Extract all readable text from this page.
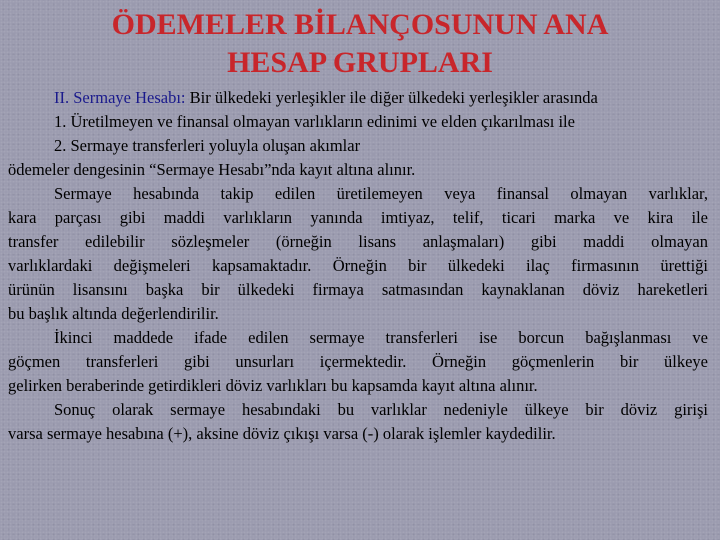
ÖDEMELER BİLANÇOSUNUN ANA
HESAP GRUPLARI
II. Sermaye Hesabı: Bir ülkedeki yerleşikler ile diğer ülkedeki yerleşikler arasında
1. Üretilmeyen ve finansal olmayan varlıkların edinimi ve elden çıkarılması ile
2. Sermaye transferleri yoluyla oluşan akımlar
ödemeler dengesinin “Sermaye Hesabı”nda kayıt altına alınır.
Sermaye hesabında takip edilen üretilemeyen veya finansal olmayan varlıklar,
kara parçası gibi maddi varlıkların yanında imtiyaz, telif, ticari marka ve kira ile
transfer edilebilir sözleşmeler (örneğin lisans anlaşmaları) gibi maddi olmayan
varlıklardaki değişmeleri kapsamaktadır. Örneğin bir ülkedeki ilaç firmasının ürettiği
ürünün lisansını başka bir ülkedeki firmaya satmasından kaynaklanan döviz hareketleri
bu başlık altında değerlendirilir.
İkinci maddede ifade edilen sermaye transferleri ise borcun bağışlanması ve
göçmen transferleri gibi unsurları içermektedir. Örneğin göçmenlerin bir ülkeye
gelirken beraberinde getirdikleri döviz varlıkları bu kapsamda kayıt altına alınır.
Sonuç olarak sermaye hesabındaki bu varlıklar nedeniyle ülkeye bir döviz girişi
varsa sermaye hesabına (+), aksine döviz çıkışı varsa (-) olarak işlemler kaydedilir.
